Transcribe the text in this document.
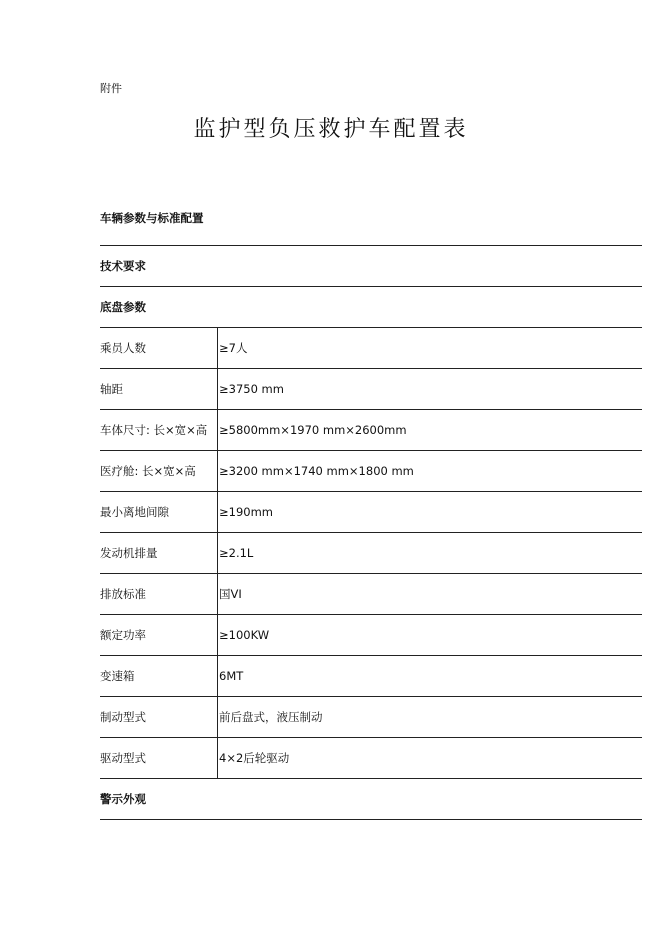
附件
监护型负压救护车配置表
车辆参数与标准配置
技术要求	
底盘参数	
乘员人数	≥7人
轴距	≥3750 mm
车体尺寸: 长×宽×高	≥5800mm×1970 mm×2600mm
医疗舱: 长×宽×高	≥3200 mm×1740 mm×1800 mm
最小离地间隙	≥190mm
发动机排量	≥2.1L
排放标准	国VI
额定功率	≥100KW
变速箱	6MT
制动型式	前后盘式，液压制动
驱动型式	4×2后轮驱动
警示外观	
